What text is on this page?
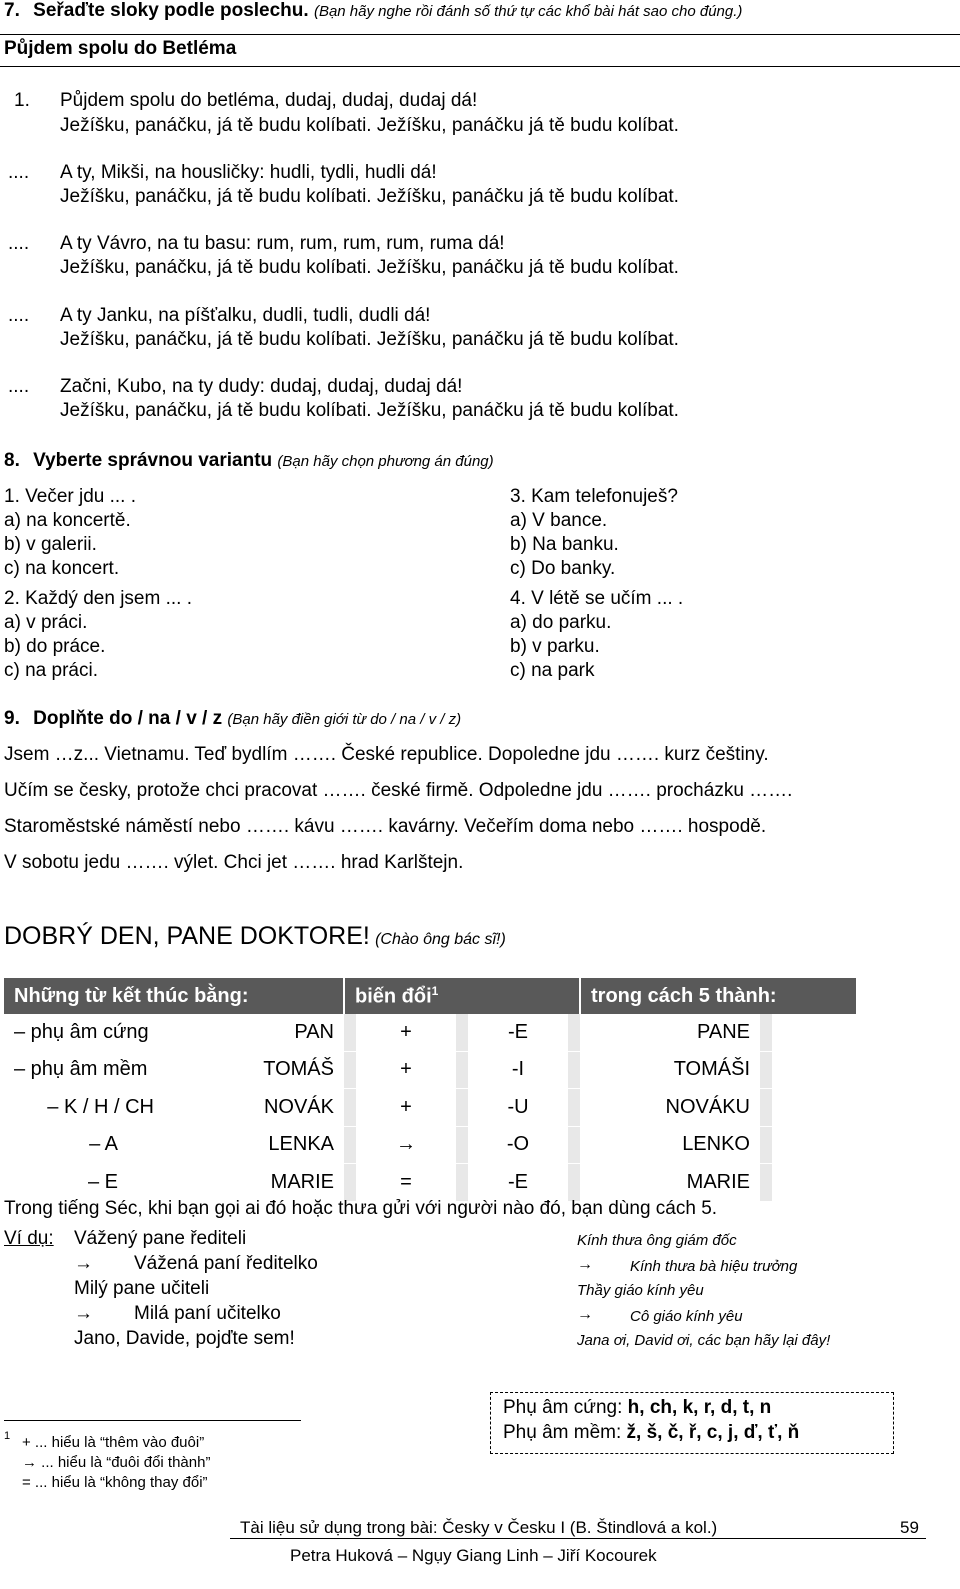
7. Seřaďte sloky podle poslechu. (Bạn hãy nghe rồi đánh số thứ tự các khổ bài hát sao cho đúng.)
Půjdem spolu do Betléma
1. Půjdem spolu do betléma, dudaj, dudaj, dudaj dá!
Ježíšku, panáčku, já tě budu kolíbati. Ježíšku, panáčku já tě budu kolíbat.
.... A ty, Mikši, na housličky: hudli, tydli, hudli dá!
Ježíšku, panáčku, já tě budu kolíbati. Ježíšku, panáčku já tě budu kolíbat.
.... A ty Vávro, na tu basu: rum, rum, rum, rum, ruma dá!
Ježíšku, panáčku, já tě budu kolíbati. Ježíšku, panáčku já tě budu kolíbat.
.... A ty Janku, na píšťalku, dudli, tudli, dudli dá!
Ježíšku, panáčku, já tě budu kolíbati. Ježíšku, panáčku já tě budu kolíbat.
.... Začni, Kubo, na ty dudy: dudaj, dudaj, dudaj dá!
Ježíšku, panáčku, já tě budu kolíbati. Ježíšku, panáčku já tě budu kolíbat.
8. Vyberte správnou variantu (Bạn hãy chọn phương án đúng)
1. Večer jdu ... .
a) na koncertě.
b) v galerii.
c) na koncert.
2. Každý den jsem ... .
a) v práci.
b) do práce.
c) na práci.
3. Kam telefonuješ?
a) V bance.
b) Na banku.
c) Do banky.
4. V létě se učím ... .
a) do parku.
b) v parku.
c) na park
9. Doplňte do / na / v / z (Bạn hãy điền giới từ do / na / v / z)
Jsem …z... Vietnamu. Teď bydlím ……. České republice. Dopoledne jdu ……. kurz češtiny.
Učím se česky, protože chci pracovat ……. české firmě. Odpoledne jdu ……. procházku …….
Staroměstské náměstí nebo ……. kávu ……. kavárny. Večeřím doma nebo ……. hospodě.
V sobotu jedu ……. výlet. Chci jet ……. hrad Karlštejn.
DOBRÝ DEN, PANE DOKTORE! (Chào ông bác sĩ!)
Những từ kết thúc bằng:		biến đổi$^1$					trong cách 5 thành:		
– phụ âm cứng	PAN		+		-E		PANE		
– phụ âm mềm	TOMÁŠ		+		-I		TOMÁŠI		
– K / H / CH	NOVÁK		+		-U		NOVÁKU		
– A	LENKA		→		-O		LENKO		
– E	MARIE		=		-E		MARIE		
Trong tiếng Séc, khi bạn gọi ai đó hoặc thưa gửi với người nào đó, bạn dùng cách 5.
Ví dụ: Vážený pane řediteli
→ Vážená paní ředitelko
Milý pane učiteli
→ Milá paní učitelko
Jano, Davide, pojďte sem!
Kính thưa ông giám đốc
→ Kính thưa bà hiệu trưởng
Thầy giáo kính yêu
→ Cô giáo kính yêu
Jana ơi, David ơi, các bạn hãy lại đây!
1 + ... hiểu là “thêm vào đuôi”
→ ... hiểu là “đuôi đổi thành”
= ... hiểu là “không thay đổi”
Phụ âm cứng: h, ch, k, r, d, t, n
Phụ âm mềm: ž, š, č, ř, c, j, ď, ť, ň
Tài liệu sử dụng trong bài: Česky v Česku I (B. Štindlová a kol.)	59
Petra Huková – Ngụy Giang Linh – Jiří Kocourek
